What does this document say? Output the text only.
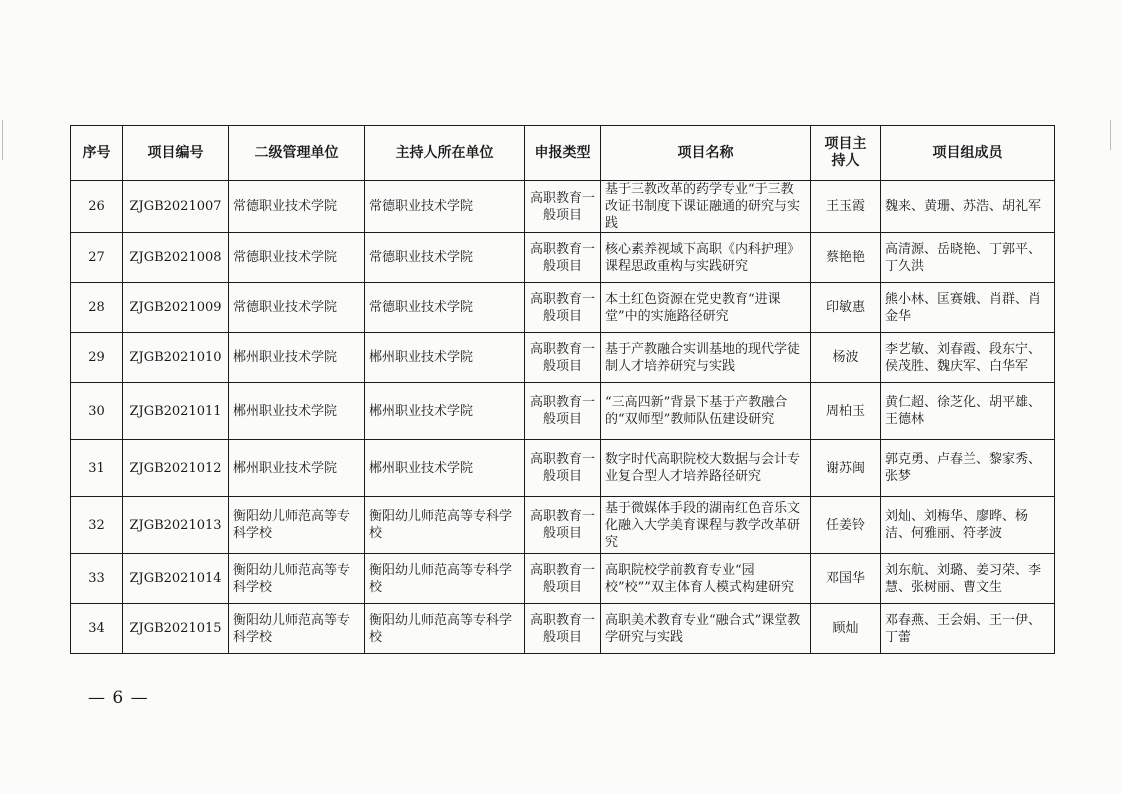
序号	项目编号	二级管理单位	主持人所在单位	申报类型	项目名称	项目主持人	项目组成员
26	ZJGB2021007	常德职业技术学院	常德职业技术学院	高职教育一般项目	基于三教改革的药学专业“于三教改证书制度下课证融通的研究与实践	王玉霞	魏来、黄珊、苏浩、胡礼军
27	ZJGB2021008	常德职业技术学院	常德职业技术学院	高职教育一般项目	核心素养视域下高职《内科护理》课程思政重构与实践研究	蔡艳艳	高清源、岳晓艳、丁郭平、丁久洪
28	ZJGB2021009	常德职业技术学院	常德职业技术学院	高职教育一般项目	本土红色资源在党史教育“进课堂”中的实施路径研究	印敏惠	熊小林、匡赛娥、肖群、肖金华
29	ZJGB2021010	郴州职业技术学院	郴州职业技术学院	高职教育一般项目	基于产教融合实训基地的现代学徒制人才培养研究与实践	杨波	李艺敏、刘春霞、段东宁、侯茂胜、魏庆军、白华军
30	ZJGB2021011	郴州职业技术学院	郴州职业技术学院	高职教育一般项目	“三高四新”背景下基于产教融合的“双师型”教师队伍建设研究	周柏玉	黄仁超、徐芝化、胡平雄、王德林
31	ZJGB2021012	郴州职业技术学院	郴州职业技术学院	高职教育一般项目	数字时代高职院校大数据与会计专业复合型人才培养路径研究	谢苏闽	郭克勇、卢春兰、黎家秀、张梦
32	ZJGB2021013	衡阳幼儿师范高等专科学校	衡阳幼儿师范高等专科学校	高职教育一般项目	基于微媒体手段的湖南红色音乐文化融入大学美育课程与教学改革研究	任姜铃	刘灿、刘梅华、廖晔、杨洁、何雅丽、符孝波
33	ZJGB2021014	衡阳幼儿师范高等专科学校	衡阳幼儿师范高等专科学校	高职教育一般项目	高职院校学前教育专业“园校”校””双主体育人模式构建研究	邓国华	刘东航、刘璐、姜习荣、李慧、张树丽、曹文生
34	ZJGB2021015	衡阳幼儿师范高等专科学校	衡阳幼儿师范高等专科学校	高职教育一般项目	高职美术教育专业“融合式”课堂教学研究与实践	顾灿	邓春燕、王会娟、王一伊、丁蕾
— 6 —
